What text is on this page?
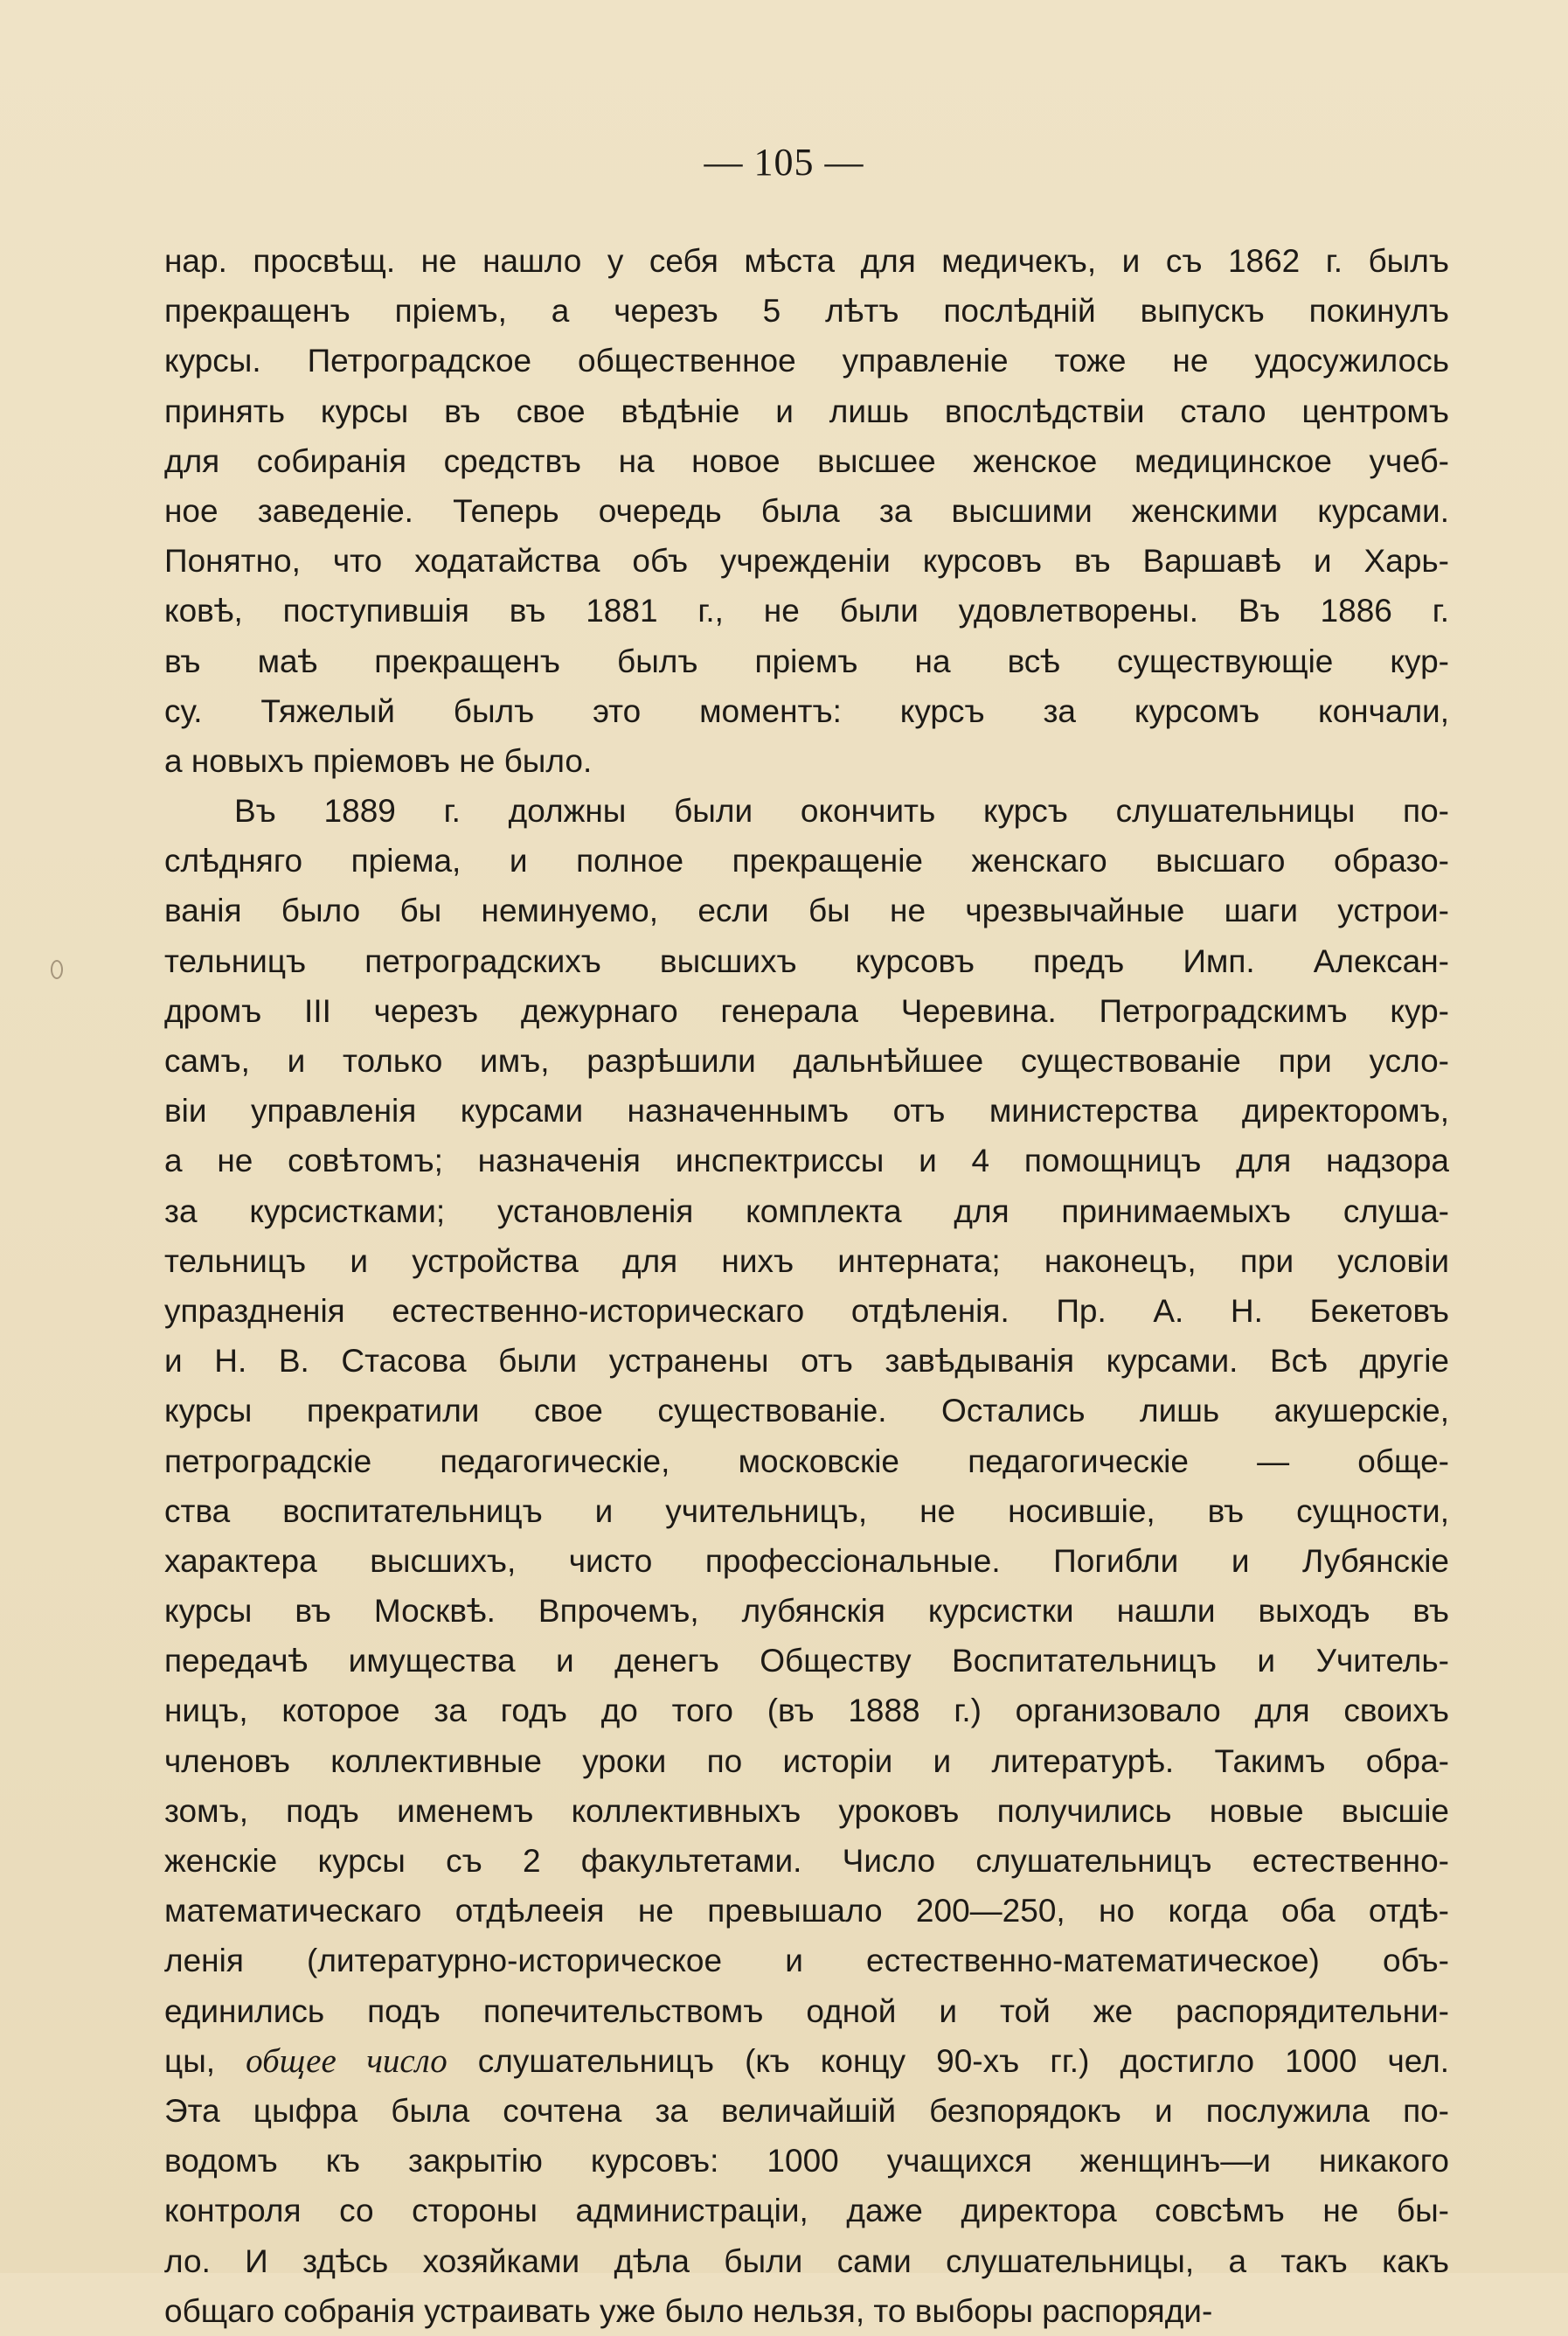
— 105 —
нар. просвѣщ. не нашло у себя мѣста для медичекъ, и съ 1862 г. былъ
прекращенъ пріемъ, а черезъ 5 лѣтъ послѣдній выпускъ покинулъ
курсы. Петроградское общественное управленіе тоже не удосужилось
принять курсы въ свое вѣдѣніе и лишь впослѣдствіи стало центромъ
для собиранія средствъ на новое высшее женское медицинское учеб-
ное заведеніе. Теперь очередь была за высшими женскими курсами.
Понятно, что ходатайства объ учрежденіи курсовъ въ Варшавѣ и Харь-
ковѣ, поступившія въ 1881 г., не были удовлетворены. Въ 1886 г.
въ маѣ прекращенъ былъ пріемъ на всѣ существующіе кур-
су. Тяжелый былъ это моментъ: курсъ за курсомъ кончали,
а новыхъ пріемовъ не было.
Въ 1889 г. должны были окончить курсъ слушательницы по-
слѣдняго пріема, и полное прекращеніе женскаго высшаго образо-
ванія было бы неминуемо, если бы не чрезвычайные шаги устрои-
тельницъ петроградскихъ высшихъ курсовъ предъ Имп. Алексан-
дромъ III черезъ дежурнаго генерала Черевина. Петроградскимъ кур-
самъ, и только имъ, разрѣшили дальнѣйшее существованіе при усло-
віи управленія курсами назначеннымъ отъ министерства директоромъ,
а не совѣтомъ; назначенія инспектриссы и 4 помощницъ для надзора
за курсистками; установленія комплекта для принимаемыхъ слуша-
тельницъ и устройства для нихъ интерната; наконецъ, при условіи
упраздненія естественно-историческаго отдѣленія. Пр. А. Н. Бекетовъ
и Н. В. Стасова были устранены отъ завѣдыванія курсами. Всѣ другіе
курсы прекратили свое существованіе. Остались лишь акушерскіе,
петроградскіе педагогическіе, московскіе педагогическіе — обще-
ства воспитательницъ и учительницъ, не носившіе, въ сущности,
характера высшихъ, чисто профессіональные. Погибли и Лубянскіе
курсы въ Москвѣ. Впрочемъ, лубянскія курсистки нашли выходъ въ
передачѣ имущества и денегъ Обществу Воспитательницъ и Учитель-
ницъ, которое за годъ до того (въ 1888 г.) организовало для своихъ
членовъ коллективные уроки по исторіи и литературѣ. Такимъ обра-
зомъ, подъ именемъ коллективныхъ уроковъ получились новые высшіе
женскіе курсы съ 2 факультетами. Число слушательницъ естественно-
математическаго отдѣлееія не превышало 200—250, но когда оба отдѣ-
ленія (литературно-историческое и естественно-математическое) объ-
единились подъ попечительствомъ одной и той же распорядительни-
цы, общее число слушательницъ (къ концу 90-хъ гг.) достигло 1000 чел.
Эта цыфра была сочтена за величайшій безпорядокъ и послужила по-
водомъ къ закрытію курсовъ: 1000 учащихся женщинъ—и никакого
контроля со стороны администраціи, даже директора совсѣмъ не бы-
ло. И здѣсь хозяйками дѣла были сами слушательницы, а такъ какъ
общаго собранія устраивать уже было нельзя, то выборы распоряди-
